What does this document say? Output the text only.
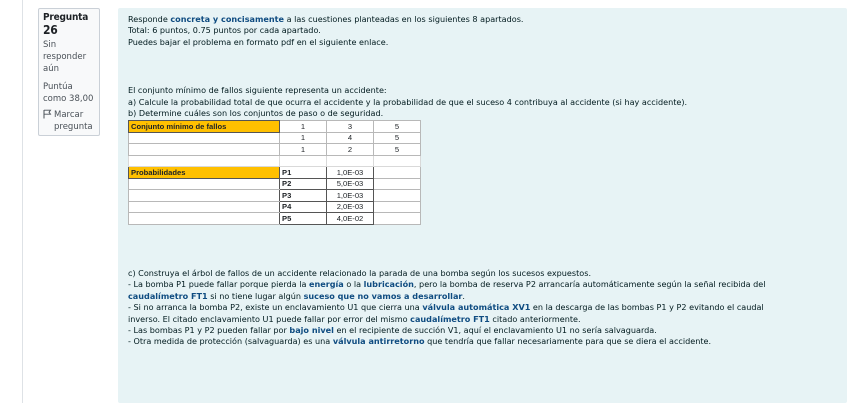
Pregunta 26
Sin responder aún
Puntúa como 38,00
Marcar pregunta
Responde concreta y concisamente a las cuestiones planteadas en los siguientes 8 apartados.
Total: 6 puntos, 0.75 puntos por cada apartado.
Puedes bajar el problema en formato pdf en el siguiente enlace.
El conjunto mínimo de fallos siguiente representa un accidente:
a) Calcule la probabilidad total de que ocurra el accidente y la probabilidad de que el suceso 4 contribuya al accidente (si hay accidente).
b) Determine cuáles son los conjuntos de paso o de seguridad.
Conjunto mínimo de fallos	1	3	5
	1	4	5
	1	2	5

Probabilidades	P1	1,0E-03	
	P2	5,0E-03	
	P3	1,0E-03	
	P4	2,0E-03	
	P5	4,0E-02	
c) Construya el árbol de fallos de un accidente relacionado la parada de una bomba según los sucesos expuestos.
- La bomba P1 puede fallar porque pierda la energía o la lubricación, pero la bomba de reserva P2 arrancaría automáticamente según la señal recibida del
caudalímetro FT1 si no tiene lugar algún suceso que no vamos a desarrollar.
- Si no arranca la bomba P2, existe un enclavamiento U1 que cierra una válvula automática XV1 en la descarga de las bombas P1 y P2 evitando el caudal
inverso. El citado enclavamiento U1 puede fallar por error del mismo caudalímetro FT1 citado anteriormente.
- Las bombas P1 y P2 pueden fallar por bajo nivel en el recipiente de succión V1, aquí el enclavamiento U1 no sería salvaguarda.
- Otra medida de protección (salvaguarda) es una válvula antirretorno que tendría que fallar necesariamente para que se diera el accidente.
